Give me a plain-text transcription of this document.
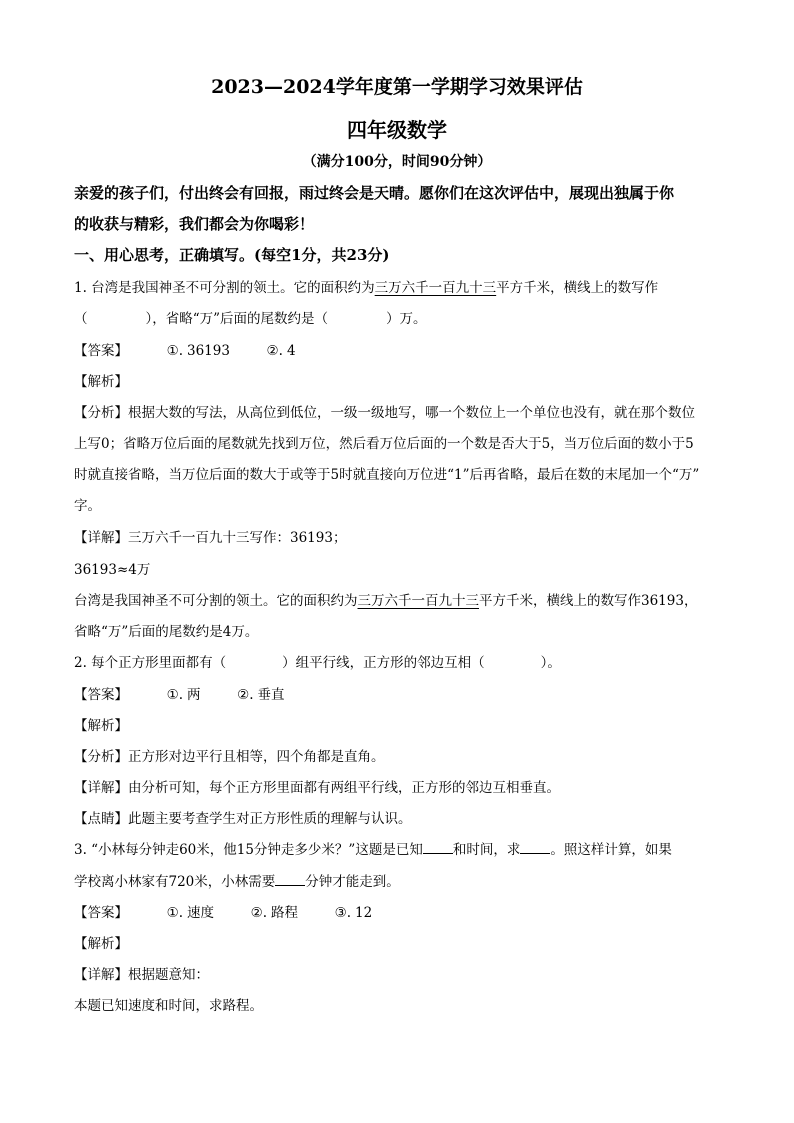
2023—2024学年度第一学期学习效果评估
四年级数学
（满分100分，时间90分钟）
亲爱的孩子们，付出终会有回报，雨过终会是天晴。愿你们在这次评估中，展现出独属于你
的收获与精彩，我们都会为你喝彩！
一、用心思考，正确填写。(每空1分，共23分)
1. 台湾是我国神圣不可分割的领土。它的面积约为三万六千一百九十三平方千米，横线上的数写作
（	），省略“万”后面的尾数约是（	）万。
【答案】	①. 36193	②. 4
【解析】
【分析】根据大数的写法，从高位到低位，一级一级地写，哪一个数位上一个单位也没有，就在那个数位
上写0；省略万位后面的尾数就先找到万位，然后看万位后面的一个数是否大于5，当万位后面的数小于5
时就直接省略，当万位后面的数大于或等于5时就直接向万位进“1”后再省略，最后在数的末尾加一个“万”
字。
【详解】三万六千一百九十三写作：36193；
36193≈4万
台湾是我国神圣不可分割的领土。它的面积约为三万六千一百九十三平方千米，横线上的数写作36193，
省略“万”后面的尾数约是4万。
2. 每个正方形里面都有（	）组平行线，正方形的邻边互相（	）。
【答案】	①. 两	②. 垂直
【解析】
【分析】正方形对边平行且相等，四个角都是直角。
【详解】由分析可知，每个正方形里面都有两组平行线，正方形的邻边互相垂直。
【点睛】此题主要考查学生对正方形性质的理解与认识。
3. “小林每分钟走60米，他15分钟走多少米？”这题是已知 和时间，求 。照这样计算，如果
学校离小林家有720米，小林需要 分钟才能走到。
【答案】	①. 速度	②. 路程	③. 12
【解析】
【详解】根据题意知：
本题已知速度和时间，求路程。
